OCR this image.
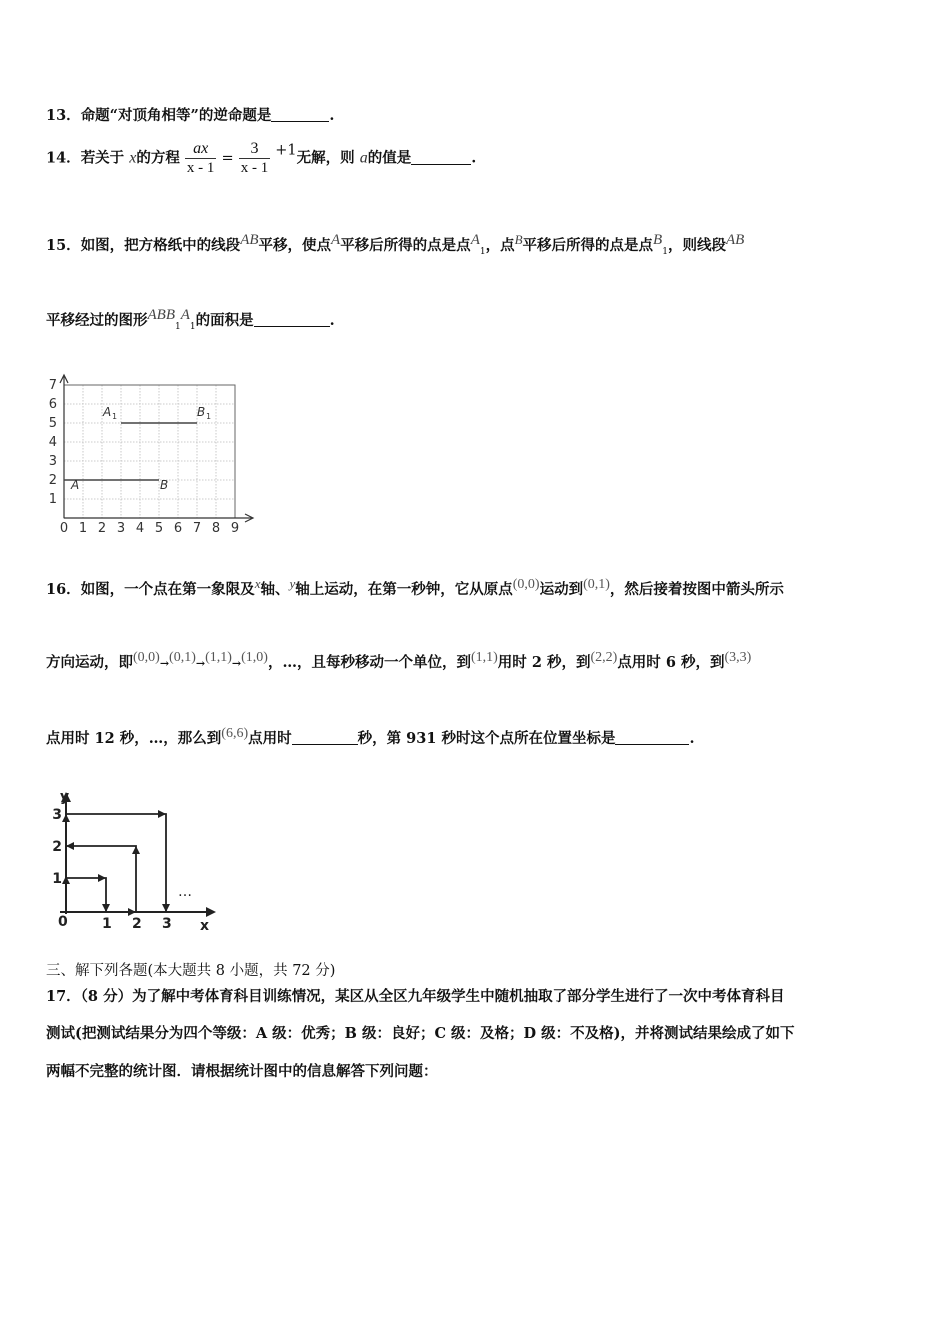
13．命题“对顶角相等”的逆命题是	.
14．若关于 x的方程 $\frac{ax}{x - 1} = \frac{3}{x - 1} +1$无解，则 a的值是	.
15．如图，把方格纸中的线段AB平移，使点A平移后所得的点是点$A_1$，点B平移后所得的点是点$B_1$，则线段AB
平移经过的图形$ABB_1A_1$的面积是	.
1
2
3
4
5
6
7
0 1 2 3 4 5 6 7 8 9
A	B
A 1	B 1
16．如图，一个点在第一象限及x轴、y轴上运动，在第一秒钟，它从原点(0,0)运动到(0,1)，然后接着按图中箭头所示
方向运动，即(0,0)→(0,1)→(1,1)→(1,0)，…，且每秒移动一个单位，到(1,1)用时 2 秒，到(2,2)点用时 6 秒，到(3,3)
点用时 12 秒，…，那么到(6,6)点用时	秒，第 931 秒时这个点所在位置坐标是	.
y
x
0 1 2 3
1
2
3
…
三、解下列各题(本大题共 8 小题，共 72 分)
17．（8 分）为了解中考体育科目训练情况，某区从全区九年级学生中随机抽取了部分学生进行了一次中考体育科目
测试(把测试结果分为四个等级：A 级：优秀；B 级：良好；C 级：及格；D 级：不及格)，并将测试结果绘成了如下
两幅不完整的统计图．请根据统计图中的信息解答下列问题：
